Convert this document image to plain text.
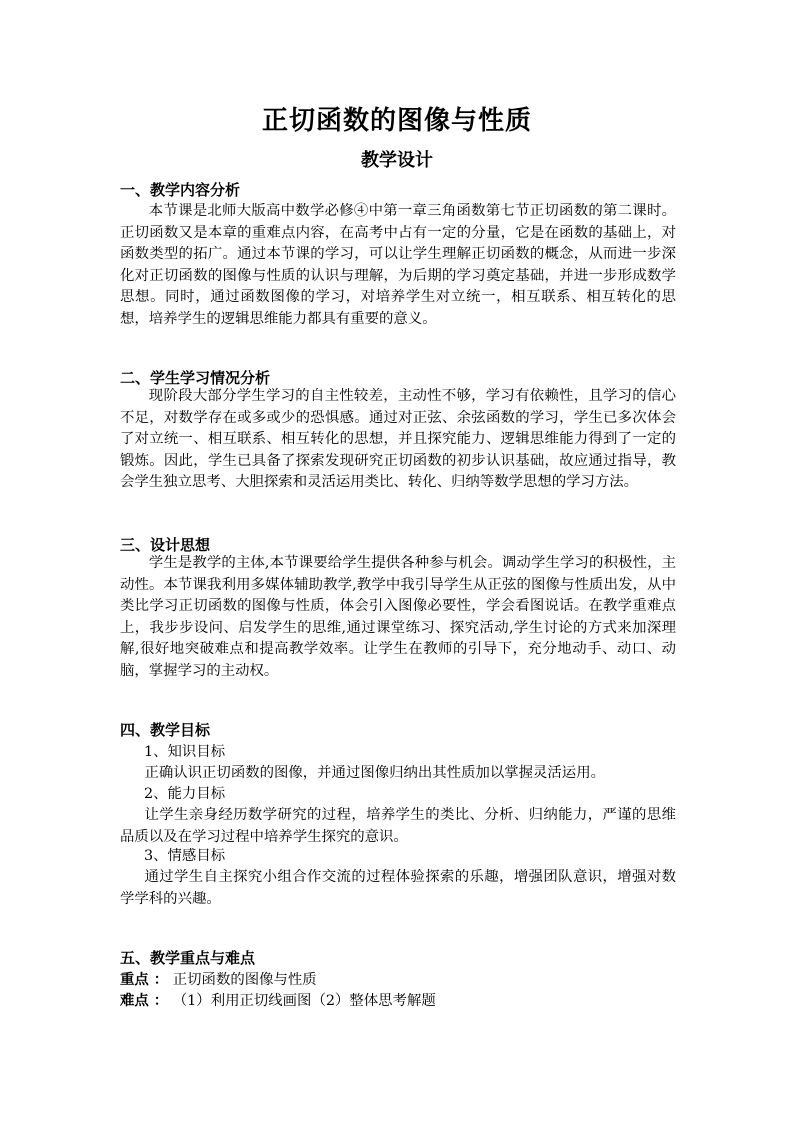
正切函数的图像与性质
教学设计
一、教学内容分析

本节课是北师大版高中数学必修④中第一章三角函数第七节正切函数的第二课时。正切函数又是本章的重难点内容，在高考中占有一定的分量，它是在函数的基础上，对函数类型的拓广。通过本节课的学习，可以让学生理解正切函数的概念，从而进一步深化对正切函数的图像与性质的认识与理解，为后期的学习奠定基础，并进一步形成数学思想。同时，通过函数图像的学习，对培养学生对立统一，相互联系、相互转化的思想，培养学生的逻辑思维能力都具有重要的意义。

二、学生学习情况分析

现阶段大部分学生学习的自主性较差，主动性不够，学习有依赖性，且学习的信心不足，对数学存在或多或少的恐惧感。通过对正弦、余弦函数的学习，学生已多次体会了对立统一、相互联系、相互转化的思想，并且探究能力、逻辑思维能力得到了一定的锻炼。因此，学生已具备了探索发现研究正切函数的初步认识基础，故应通过指导，教会学生独立思考、大胆探索和灵活运用类比、转化、归纳等数学思想的学习方法。

三、设计思想

学生是教学的主体,本节课要给学生提供各种参与机会。调动学生学习的积极性，主动性。本节课我利用多媒体辅助教学,教学中我引导学生从正弦的图像与性质出发，从中类比学习正切函数的图像与性质，体会引入图像必要性，学会看图说话。在教学重难点上，我步步设问、启发学生的思维,通过课堂练习、探究活动,学生讨论的方式来加深理解,很好地突破难点和提高教学效率。让学生在教师的引导下，充分地动手、动口、动脑，掌握学习的主动权。

四、教学目标
1、知识目标

正确认识正切函数的图像，并通过图像归纳出其性质加以掌握灵活运用。

2、能力目标

让学生亲身经历数学研究的过程，培养学生的类比、分析、归纳能力，严谨的思维品质以及在学习过程中培养学生探究的意识。

3、情感目标

通过学生自主探究小组合作交流的过程体验探索的乐趣，增强团队意识，增强对数学学科的兴趣。

五、教学重点与难点
重点 ： 正切函数的图像与性质
难点 ： （1）利用正切线画图（2）整体思考解题
